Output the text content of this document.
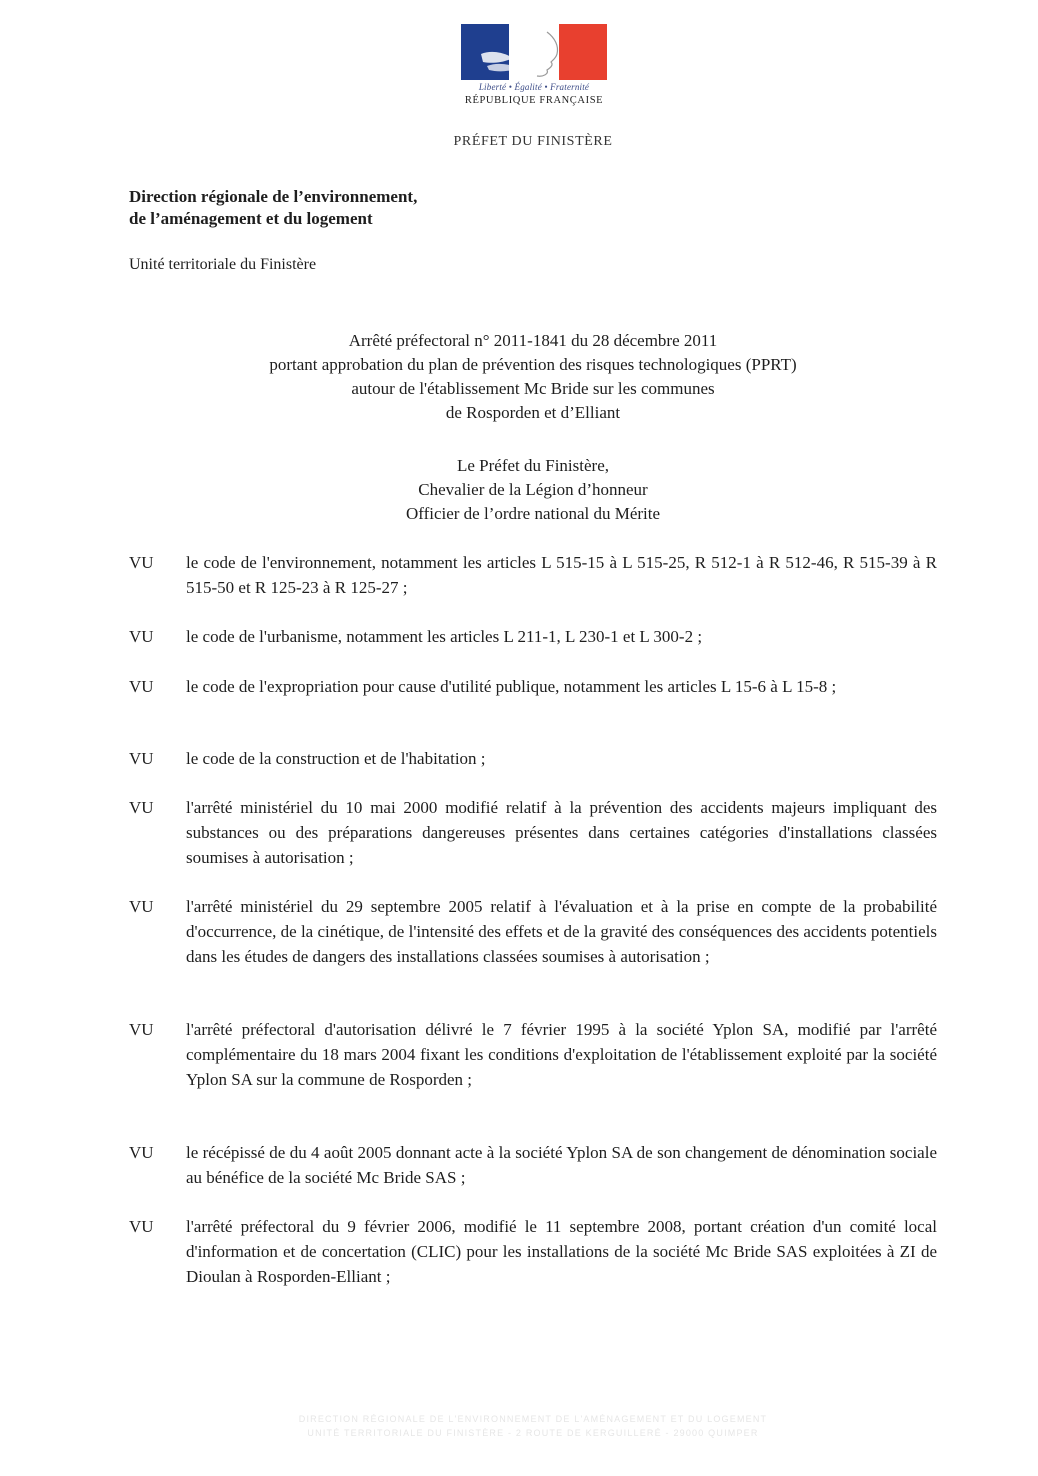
Liberté • Égalité • Fraternité
RÉPUBLIQUE FRANÇAISE
PRÉFET DU FINISTÈRE
Direction régionale de l’environnement,
de l’aménagement et du logement
Unité territoriale du Finistère
Arrêté préfectoral n° 2011-1841 du 28 décembre 2011
portant approbation du plan de prévention des risques technologiques (PPRT)
autour de l'établissement Mc Bride sur les communes
de Rosporden et d’Elliant
Le Préfet du Finistère,
Chevalier de la Légion d’honneur
Officier de l’ordre national du Mérite
VU	le code de l'environnement, notamment les articles L 515-15 à L 515-25, R 512-1 à R 512-46, R 515-39 à R 515-50 et R 125-23 à R 125-27 ;
VU	le code de l'urbanisme, notamment les articles L 211-1, L 230-1 et L 300-2 ;
VU	le code de l'expropriation pour cause d'utilité publique, notamment les articles L 15-6 à L 15-8 ;
VU	le code de la construction et de l'habitation ;
VU	l'arrêté ministériel du 10 mai 2000 modifié relatif à la prévention des accidents majeurs impliquant des substances ou des préparations dangereuses présentes dans certaines catégories d'installations classées soumises à autorisation ;
VU	l'arrêté ministériel du 29 septembre 2005 relatif à l'évaluation et à la prise en compte de la probabilité d'occurrence, de la cinétique, de l'intensité des effets et de la gravité des conséquences des accidents potentiels dans les études de dangers des installations classées soumises à autorisation ;
VU	l'arrêté préfectoral d'autorisation délivré le 7 février 1995 à la société Yplon SA, modifié par l'arrêté complémentaire du 18 mars 2004 fixant les conditions d'exploitation de l'établissement exploité par la société Yplon SA sur la commune de Rosporden ;
VU	le récépissé de du 4 août 2005 donnant acte à la société Yplon SA de son changement de dénomination sociale au bénéfice de la société Mc Bride SAS ;
VU	l'arrêté préfectoral du 9 février 2006, modifié le 11 septembre 2008, portant création d'un comité local d'information et de concertation (CLIC) pour les installations de la société Mc Bride SAS exploitées à ZI de Dioulan à Rosporden-Elliant ;
DIRECTION RÉGIONALE DE L'ENVIRONNEMENT DE L'AMÉNAGEMENT ET DU LOGEMENT
UNITÉ TERRITORIALE DU FINISTÈRE - 2 ROUTE DE KERGUILLERÉ - 29000 QUIMPER
